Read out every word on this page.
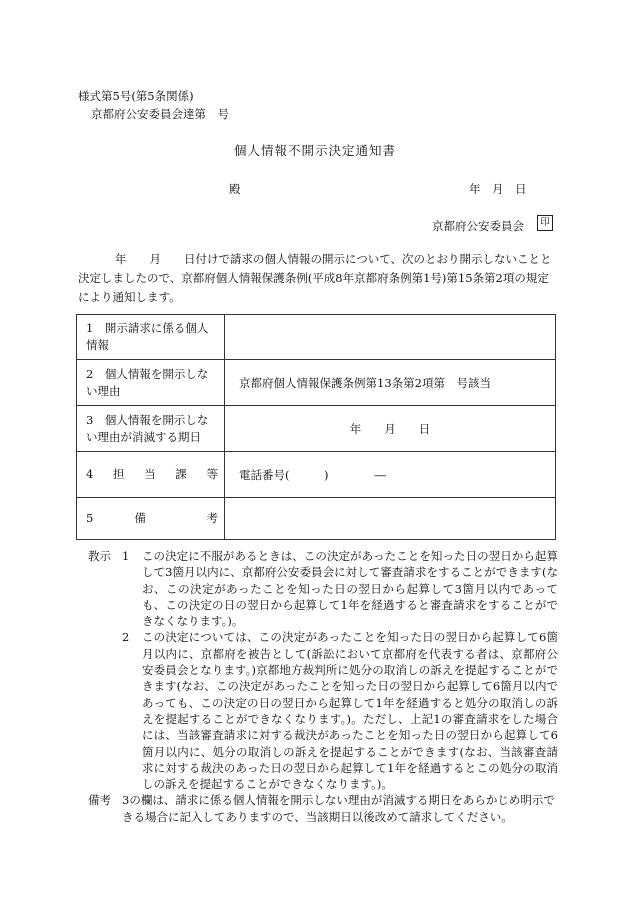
様式第5号(第5条関係)
京都府公安委員会達第　号
個人情報不開示決定通知書
殿	年　月　日
京都府公安委員会	印

年　　月　　日付けで請求の個人情報の開示について、次のとおり開示しないことと決定しましたので、京都府個人情報保護条例(平成8年京都府条例第1号)第15条第2項の規定により通知します。

1　開示請求に係る個人情報	
2　個人情報を開示しない理由	京都府個人情報保護条例第13条第2項第　号該当
3　個人情報を開示しない理由が消滅する期日	年　　月　　日

4 担 当 課 等	電話番号(　　　)　　　　―

5 備 考	

教示 1	この決定に不服があるときは、この決定があったことを知った日の翌日から起算して3箇月以内に、京都府公安委員会に対して審査請求をすることができます(なお、この決定があったことを知った日の翌日から起算して3箇月以内であっても、この決定の日の翌日から起算して1年を経過すると審査請求をすることができなくなります。)。
2	この決定については、この決定があったことを知った日の翌日から起算して6箇月以内に、京都府を被告として(訴訟において京都府を代表する者は、京都府公安委員会となります。)京都地方裁判所に処分の取消しの訴えを提起することができます(なお、この決定があったことを知った日の翌日から起算して6箇月以内であっても、この決定の日の翌日から起算して1年を経過すると処分の取消しの訴えを提起することができなくなります。)。ただし、上記1の審査請求をした場合には、当該審査請求に対する裁決があったことを知った日の翌日から起算して6箇月以内に、処分の取消しの訴えを提起することができます(なお、当該審査請求に対する裁決のあった日の翌日から起算して1年を経過するとこの処分の取消しの訴えを提起することができなくなります。)。
備考 3の欄は、請求に係る個人情報を開示しない理由が消滅する期日をあらかじめ明示できる場合に記入してありますので、当該期日以後改めて請求してください。
